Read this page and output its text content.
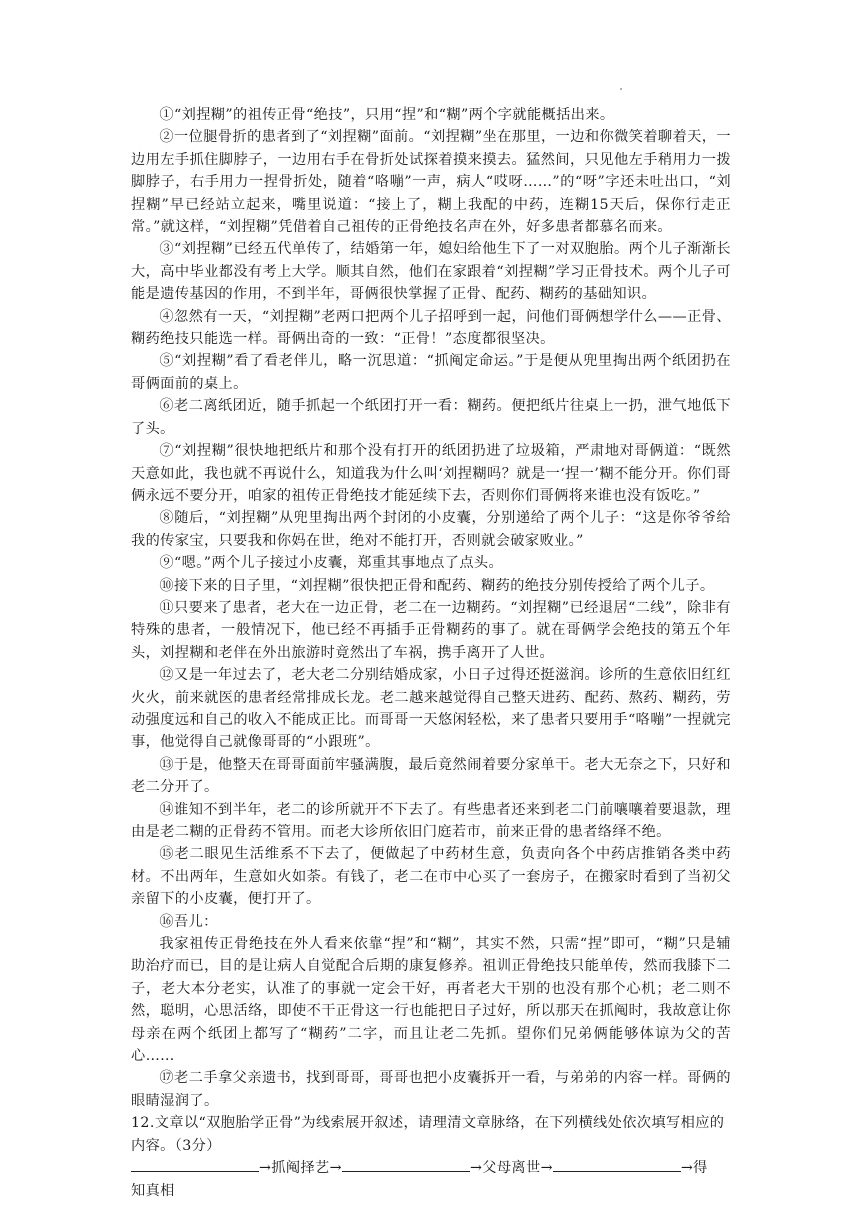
①“刘捏糊”的祖传正骨“绝技”，只用“捏”和“糊”两个字就能概括出来。

②一位腿骨折的患者到了“刘捏糊”面前。“刘捏糊”坐在那里，一边和你微笑着聊着天，一边用左手抓住脚脖子，一边用右手在骨折处试探着摸来摸去。猛然间，只见他左手稍用力一拨脚脖子，右手用力一捏骨折处，随着“咯嘣”一声，病人“哎呀……”的“呀”字还未吐出口，“刘捏糊”早已经站立起来，嘴里说道：“接上了，糊上我配的中药，连糊15天后，保你行走正常。”就这样，“刘捏糊”凭借着自己祖传的正骨绝技名声在外，好多患者都慕名而来。

③“刘捏糊”已经五代单传了，结婚第一年，媳妇给他生下了一对双胞胎。两个儿子渐渐长大，高中毕业都没有考上大学。顺其自然，他们在家跟着“刘捏糊”学习正骨技术。两个儿子可能是遗传基因的作用，不到半年，哥俩很快掌握了正骨、配药、糊药的基础知识。

④忽然有一天，“刘捏糊”老两口把两个儿子招呼到一起，问他们哥俩想学什么——正骨、糊药绝技只能选一样。哥俩出奇的一致：“正骨！”态度都很坚决。

⑤“刘捏糊”看了看老伴儿，略一沉思道：“抓阄定命运。”于是便从兜里掏出两个纸团扔在哥俩面前的桌上。

⑥老二离纸团近，随手抓起一个纸团打开一看：糊药。便把纸片往桌上一扔，泄气地低下了头。

⑦“刘捏糊”很快地把纸片和那个没有打开的纸团扔进了垃圾箱，严肃地对哥俩道：“既然天意如此，我也就不再说什么，知道我为什么叫‘刘捏糊吗？就是一‘捏一’糊不能分开。你们哥俩永远不要分开，咱家的祖传正骨绝技才能延续下去，否则你们哥俩将来谁也没有饭吃。”

⑧随后，“刘捏糊”从兜里掏出两个封闭的小皮囊，分别递给了两个儿子：“这是你爷爷给我的传家宝，只要我和你妈在世，绝对不能打开，否则就会破家败业。”

⑨“嗯。”两个儿子接过小皮囊，郑重其事地点了点头。

⑩接下来的日子里，“刘捏糊”很快把正骨和配药、糊药的绝技分别传授给了两个儿子。

⑪只要来了患者，老大在一边正骨，老二在一边糊药。“刘捏糊”已经退居“二线”，除非有特殊的患者，一般情况下，他已经不再插手正骨糊药的事了。就在哥俩学会绝技的第五个年头，刘捏糊和老伴在外出旅游时竟然出了车祸，携手离开了人世。

⑫又是一年过去了，老大老二分别结婚成家，小日子过得还挺滋润。诊所的生意依旧红红火火，前来就医的患者经常排成长龙。老二越来越觉得自己整天进药、配药、熬药、糊药，劳动强度远和自己的收入不能成正比。而哥哥一天悠闲轻松，来了患者只要用手“咯嘣”一捏就完事，他觉得自己就像哥哥的“小跟班”。

⑬于是，他整天在哥哥面前牢骚满腹，最后竟然闹着要分家单干。老大无奈之下，只好和老二分开了。

⑭谁知不到半年，老二的诊所就开不下去了。有些患者还来到老二门前嚷嚷着要退款，理由是老二糊的正骨药不管用。而老大诊所依旧门庭若市，前来正骨的患者络绎不绝。

⑮老二眼见生活维系不下去了，便做起了中药材生意，负责向各个中药店推销各类中药材。不出两年，生意如火如荼。有钱了，老二在市中心买了一套房子，在搬家时看到了当初父亲留下的小皮囊，便打开了。

⑯吾儿：

我家祖传正骨绝技在外人看来依靠“捏”和“糊”，其实不然，只需“捏”即可，“糊”只是辅助治疗而已，目的是让病人自觉配合后期的康复修养。祖训正骨绝技只能单传，然而我膝下二子，老大本分老实，认准了的事就一定会干好，再者老大干别的也没有那个心机；老二则不然，聪明，心思活络，即使不干正骨这一行也能把日子过好，所以那天在抓阄时，我故意让你母亲在两个纸团上都写了“糊药”二字，而且让老二先抓。望你们兄弟俩能够体谅为父的苦心……

⑰老二手拿父亲遗书，找到哥哥，哥哥也把小皮囊拆开一看，与弟弟的内容一样。哥俩的眼睛湿润了。

12.文章以“双胞胎学正骨”为线索展开叙述，请理清文章脉络，在下列横线处依次填写相应的内容。（3分）

→抓阄择艺→	→父母离世→	→得

知真相
